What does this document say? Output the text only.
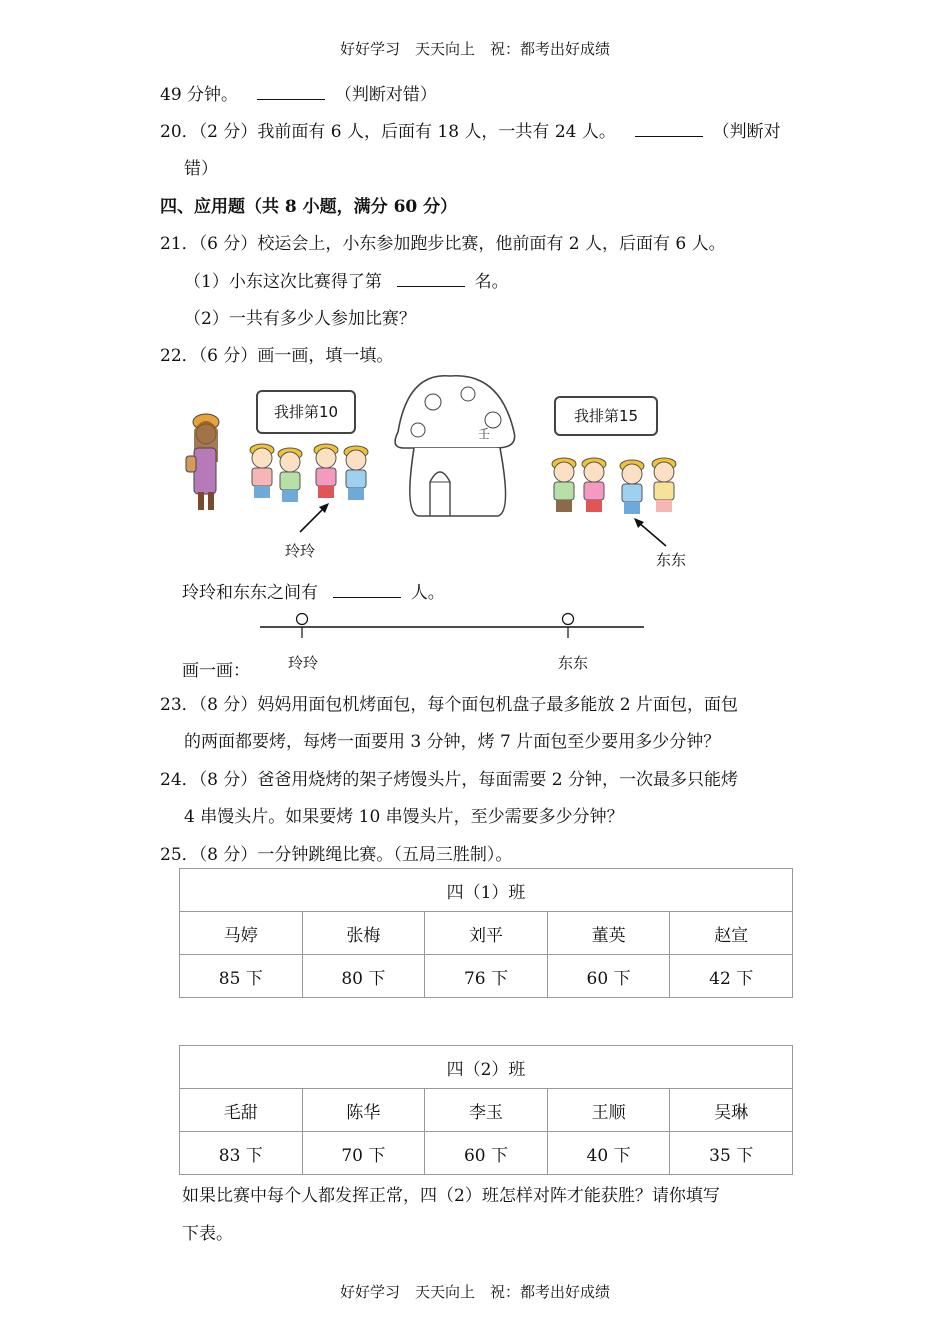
好好学习　天天向上　祝：都考出好成绩
49 分钟。	（判断对错）
20．（2 分）我前面有 6 人，后面有 18 人，一共有 24 人。	（判断对
错）
四、应用题（共 8 小题，满分 60 分）
21．（6 分）校运会上，小东参加跑步比赛，他前面有 2 人，后面有 6 人。
（1）小东这次比赛得了第	名。
（2）一共有多少人参加比赛？
22．（6 分）画一画，填一填。
壬
我排第10	我排第15
玲玲	东东
玲玲和东东之间有	人。
玲玲	东东
画一画：
23．（8 分）妈妈用面包机烤面包，每个面包机盘子最多能放 2 片面包，面包
的两面都要烤，每烤一面要用 3 分钟，烤 7 片面包至少要用多少分钟？
24．（8 分）爸爸用烧烤的架子烤馒头片，每面需要 2 分钟，一次最多只能烤
4 串馒头片。如果要烤 10 串馒头片，至少需要多少分钟？
25．（8 分）一分钟跳绳比赛。（五局三胜制）。
四（1）班				
马婷	张梅	刘平	董英	赵宣
85 下	80 下	76 下	60 下	42 下
四（2）班				
毛甜	陈华	李玉	王顺	吴琳
83 下	70 下	60 下	40 下	35 下
如果比赛中每个人都发挥正常，四（2）班怎样对阵才能获胜？请你填写
下表。
好好学习　天天向上　祝：都考出好成绩
